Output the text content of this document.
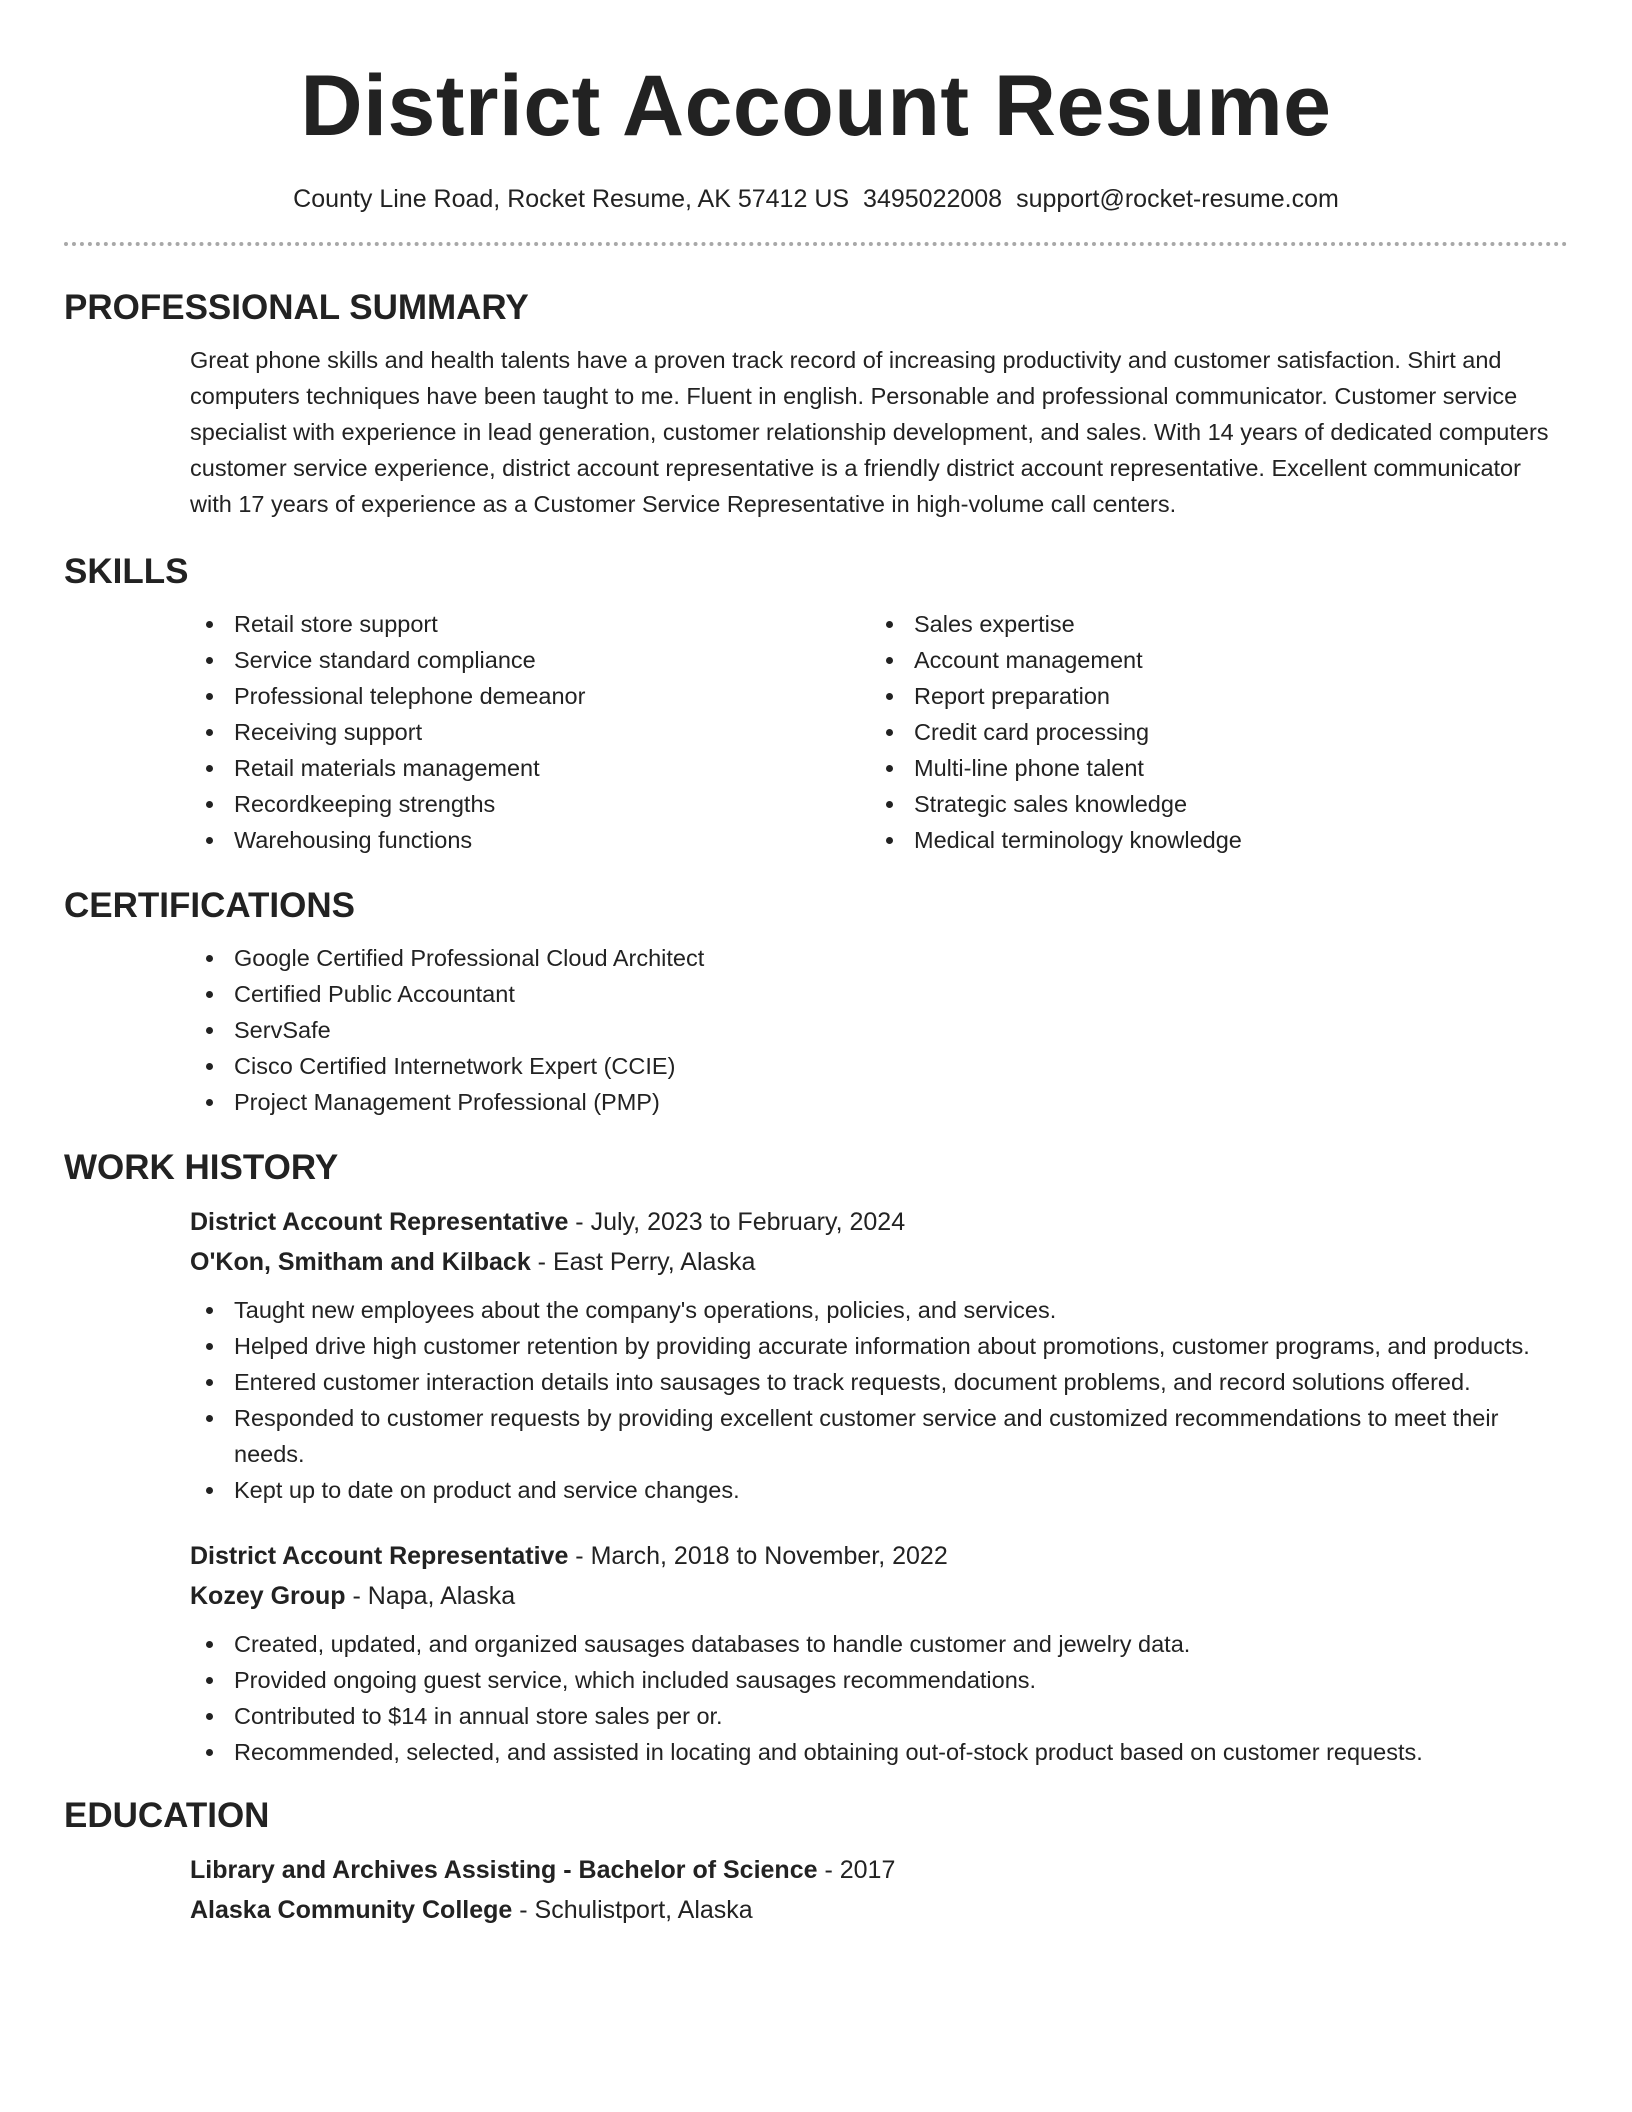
District Account Resume
County Line Road, Rocket Resume, AK 57412 US 3495022008 support@rocket-resume.com
PROFESSIONAL SUMMARY
Great phone skills and health talents have a proven track record of increasing productivity and customer satisfaction. Shirt and computers techniques have been taught to me. Fluent in english. Personable and professional communicator. Customer service specialist with experience in lead generation, customer relationship development, and sales. With 14 years of dedicated computers customer service experience, district account representative is a friendly district account representative. Excellent communicator with 17 years of experience as a Customer Service Representative in high-volume call centers.
SKILLS
Retail store support
Service standard compliance
Professional telephone demeanor
Receiving support
Retail materials management
Recordkeeping strengths
Warehousing functions
Sales expertise
Account management
Report preparation
Credit card processing
Multi-line phone talent
Strategic sales knowledge
Medical terminology knowledge
CERTIFICATIONS
Google Certified Professional Cloud Architect
Certified Public Accountant
ServSafe
Cisco Certified Internetwork Expert (CCIE)
Project Management Professional (PMP)
WORK HISTORY
District Account Representative - July, 2023 to February, 2024
O'Kon, Smitham and Kilback - East Perry, Alaska
Taught new employees about the company's operations, policies, and services.
Helped drive high customer retention by providing accurate information about promotions, customer programs, and products.
Entered customer interaction details into sausages to track requests, document problems, and record solutions offered.
Responded to customer requests by providing excellent customer service and customized recommendations to meet their needs.
Kept up to date on product and service changes.
District Account Representative - March, 2018 to November, 2022
Kozey Group - Napa, Alaska
Created, updated, and organized sausages databases to handle customer and jewelry data.
Provided ongoing guest service, which included sausages recommendations.
Contributed to $14 in annual store sales per or.
Recommended, selected, and assisted in locating and obtaining out-of-stock product based on customer requests.
EDUCATION
Library and Archives Assisting - Bachelor of Science - 2017
Alaska Community College - Schulistport, Alaska
